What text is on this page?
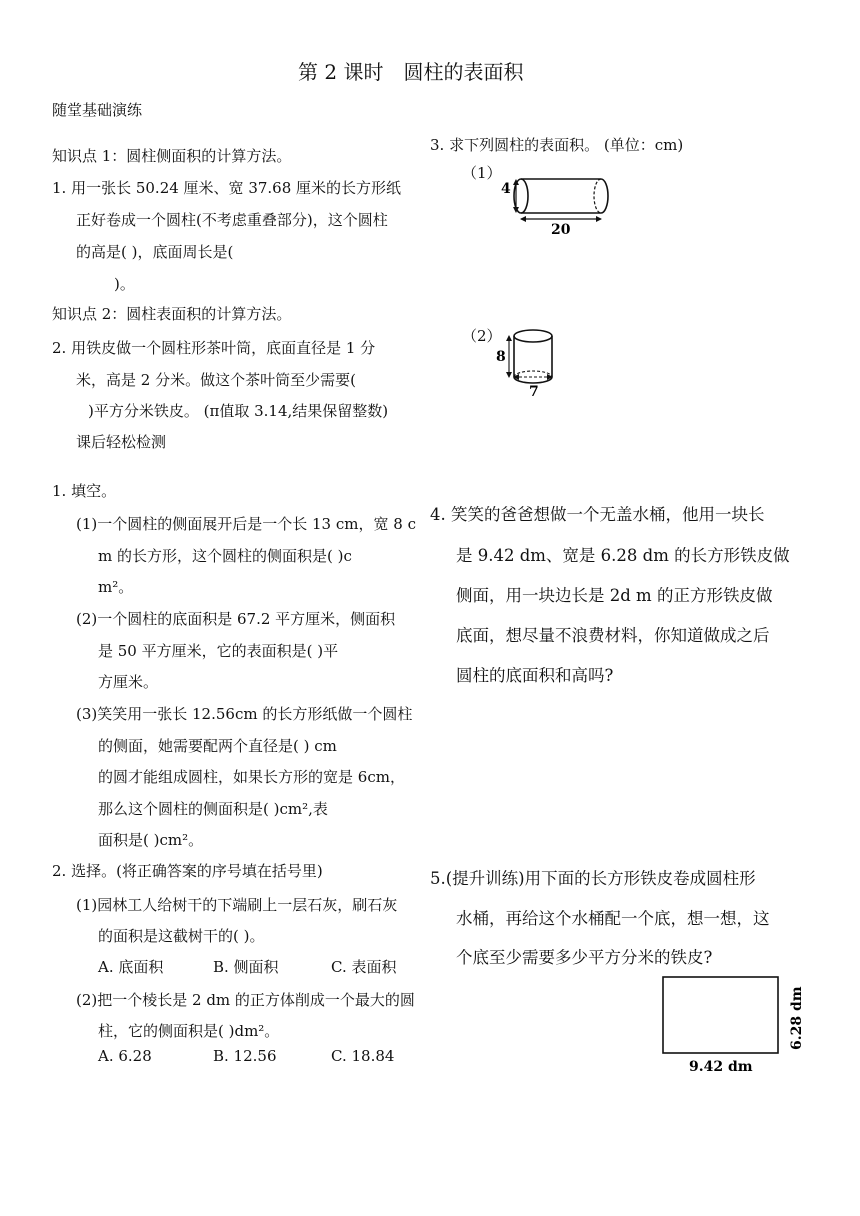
第 2 课时　圆柱的表面积
随堂基础演练
知识点 1：圆柱侧面积的计算方法。
1. 用一张长 50.24 厘米、宽 37.68 厘米的长方形纸
正好卷成一个圆柱(不考虑重叠部分)，这个圆柱
的高是( )，底面周长是(
)。
知识点 2：圆柱表面积的计算方法。
2. 用铁皮做一个圆柱形茶叶筒，底面直径是 1 分
米，高是 2 分米。做这个茶叶筒至少需要(
)平方分米铁皮。 (π值取 3.14,结果保留整数)
课后轻松检测
1. 填空。
(1)一个圆柱的侧面展开后是一个长 13 cm，宽 8 c
m 的长方形，这个圆柱的侧面积是( )c
m²。
(2)一个圆柱的底面积是 67.2 平方厘米，侧面积
是 50 平方厘米，它的表面积是( )平
方厘米。
(3)笑笑用一张长 12.56cm 的长方形纸做一个圆柱
的侧面，她需要配两个直径是( ) cm
的圆才能组成圆柱，如果长方形的宽是 6cm，
那么这个圆柱的侧面积是( )cm²,表
面积是( )cm²。
2. 选择。(将正确答案的序号填在括号里)
(1)园林工人给树干的下端刷上一层石灰，刷石灰
的面积是这截树干的( )。
A. 底面积	B. 侧面积	C. 表面积
(2)把一个棱长是 2 dm 的正方体削成一个最大的圆
柱，它的侧面积是( )dm²。
A. 6.28	B. 12.56	C. 18.84
3. 求下列圆柱的表面积。 (单位：cm)
（1）
4
20
（2）
8
7
4. 笑笑的爸爸想做一个无盖水桶，他用一块长
是 9.42 dm、宽是 6.28 dm 的长方形铁皮做
侧面，用一块边长是 2d m 的正方形铁皮做
底面，想尽量不浪费材料，你知道做成之后
圆柱的底面积和高吗?
5.(提升训练)用下面的长方形铁皮卷成圆柱形
水桶，再给这个水桶配一个底，想一想，这
个底至少需要多少平方分米的铁皮?
9.42 dm
6.28 dm
